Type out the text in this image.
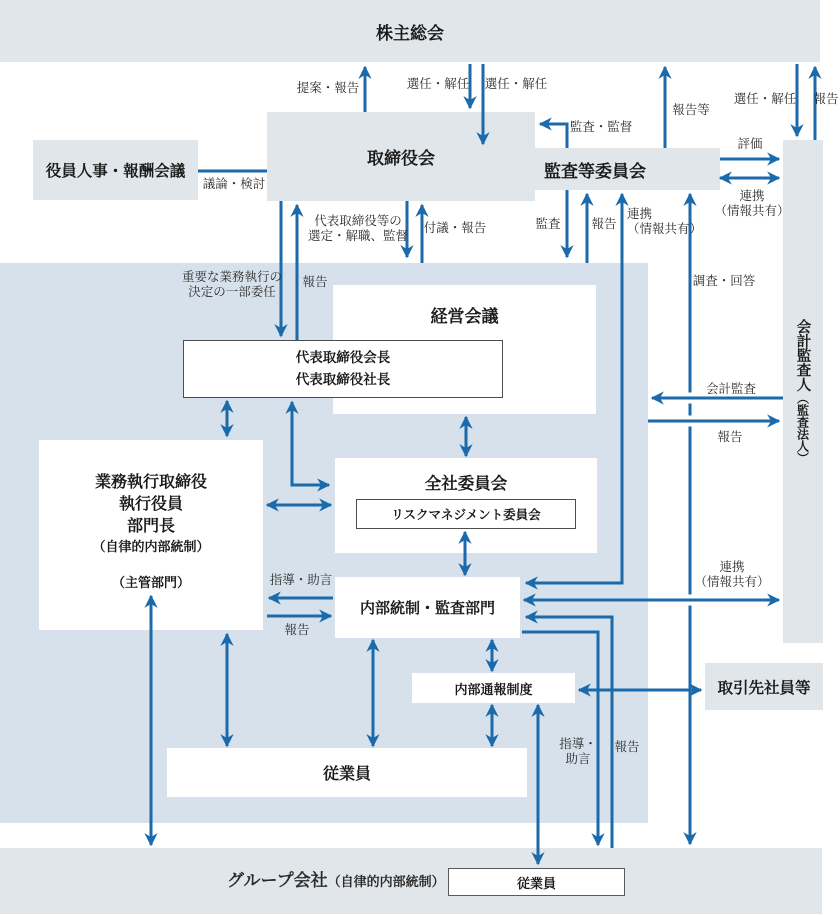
株主総会
役員人事・報酬会議
取締役会
監査等委員会
会計監査人
（監査法人）
経営会議
代表取締役会長
代表取締役社長
業務執行取締役
執行役員
部門長
（自律的内部統制）
（主管部門）
全社委員会
リスクマネジメント委員会
内部統制・監査部門
内部通報制度
従業員
取引先社員等
グループ会社（自律的内部統制）	従業員
提案・報告	選任・解任 選任・解任
報告等
選任・解任 報告
監査・監督
評価
連携
（情報共有）
議論・検討
重要な業務執行の
決定の一部委任
報告
代表取締役等の
選定・解職、監督
付議・報告	監査 報告
連携
（情報共有）
調査・回答
会計監査
報告
指導・助言
報告
連携
（情報共有）
指導・
助言
報告
